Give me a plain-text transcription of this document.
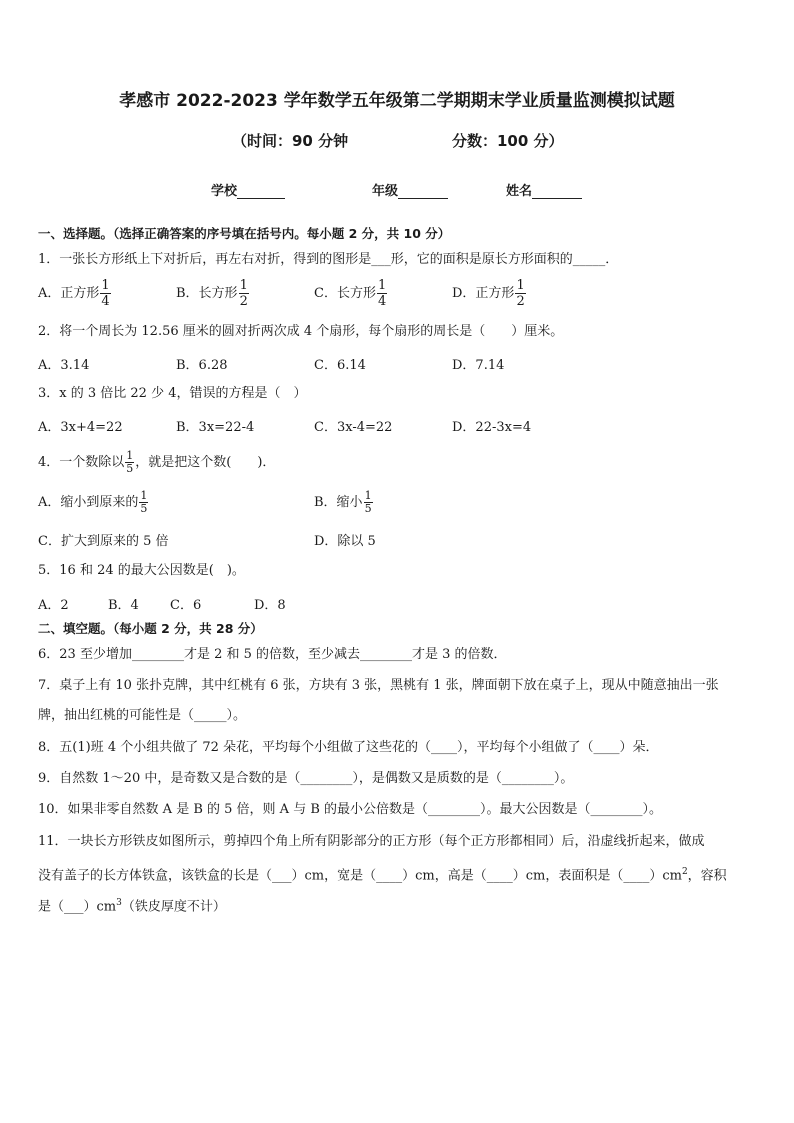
孝感市 2022-2023 学年数学五年级第二学期期末学业质量监测模拟试题
（时间：90 分钟	分数：100 分）
学校	年级	姓名
一、选择题。（选择正确答案的序号填在括号内。每小题 2 分，共 10 分）
1．一张长方形纸上下对折后，再左右对折，得到的图形是___形，它的面积是原长方形面积的_____．
A．正方形 $\frac{1}{4}$	B．长方形 $\frac{1}{2}$	C．长方形 $\frac{1}{4}$	D．正方形 $\frac{1}{2}$
2．将一个周长为 12.56 厘米的圆对折两次成 4 个扇形，每个扇形的周长是（　　）厘米。
A．3.14	B．6.28	C．6.14	D．7.14
3．x 的 3 倍比 22 少 4，错误的方程是（　）
A．3x+4=22	B．3x=22-4	C．3x-4=22	D．22-3x=4
4．一个数除以 $\frac{1}{5}$ ，就是把这个数(　　)．
A．缩小到原来的 $\frac{1}{5}$	B．缩小 $\frac{1}{5}$
C．扩大到原来的 5 倍	D．除以 5
5．16 和 24 的最大公因数是(　)。
A．2	B．4 C．6	D．8
二、填空题。（每小题 2 分，共 28 分）
6．23 至少增加________才是 2 和 5 的倍数，至少减去________才是 3 的倍数．
7．桌子上有 10 张扑克牌，其中红桃有 6 张，方块有 3 张，黑桃有 1 张，牌面朝下放在桌子上，现从中随意抽出一张
牌，抽出红桃的可能性是（_____）。
8．五(1)班 4 个小组共做了 72 朵花，平均每个小组做了这些花的（____），平均每个小组做了（____）朵．
9．自然数 1～20 中，是奇数又是合数的是（________），是偶数又是质数的是（________）。
10．如果非零自然数 A 是 B 的 5 倍，则 A 与 B 的最小公倍数是（________）。最大公因数是（________）。
11．一块长方形铁皮如图所示，剪掉四个角上所有阴影部分的正方形（每个正方形都相同）后，沿虚线折起来，做成
没有盖子的长方体铁盒，该铁盒的长是（___）cm，宽是（____）cm，高是（____）cm，表面积是$(\_\_\_\_)cm^2$，容积
是$(\_\_\_)cm^3$（铁皮厚度不计）
